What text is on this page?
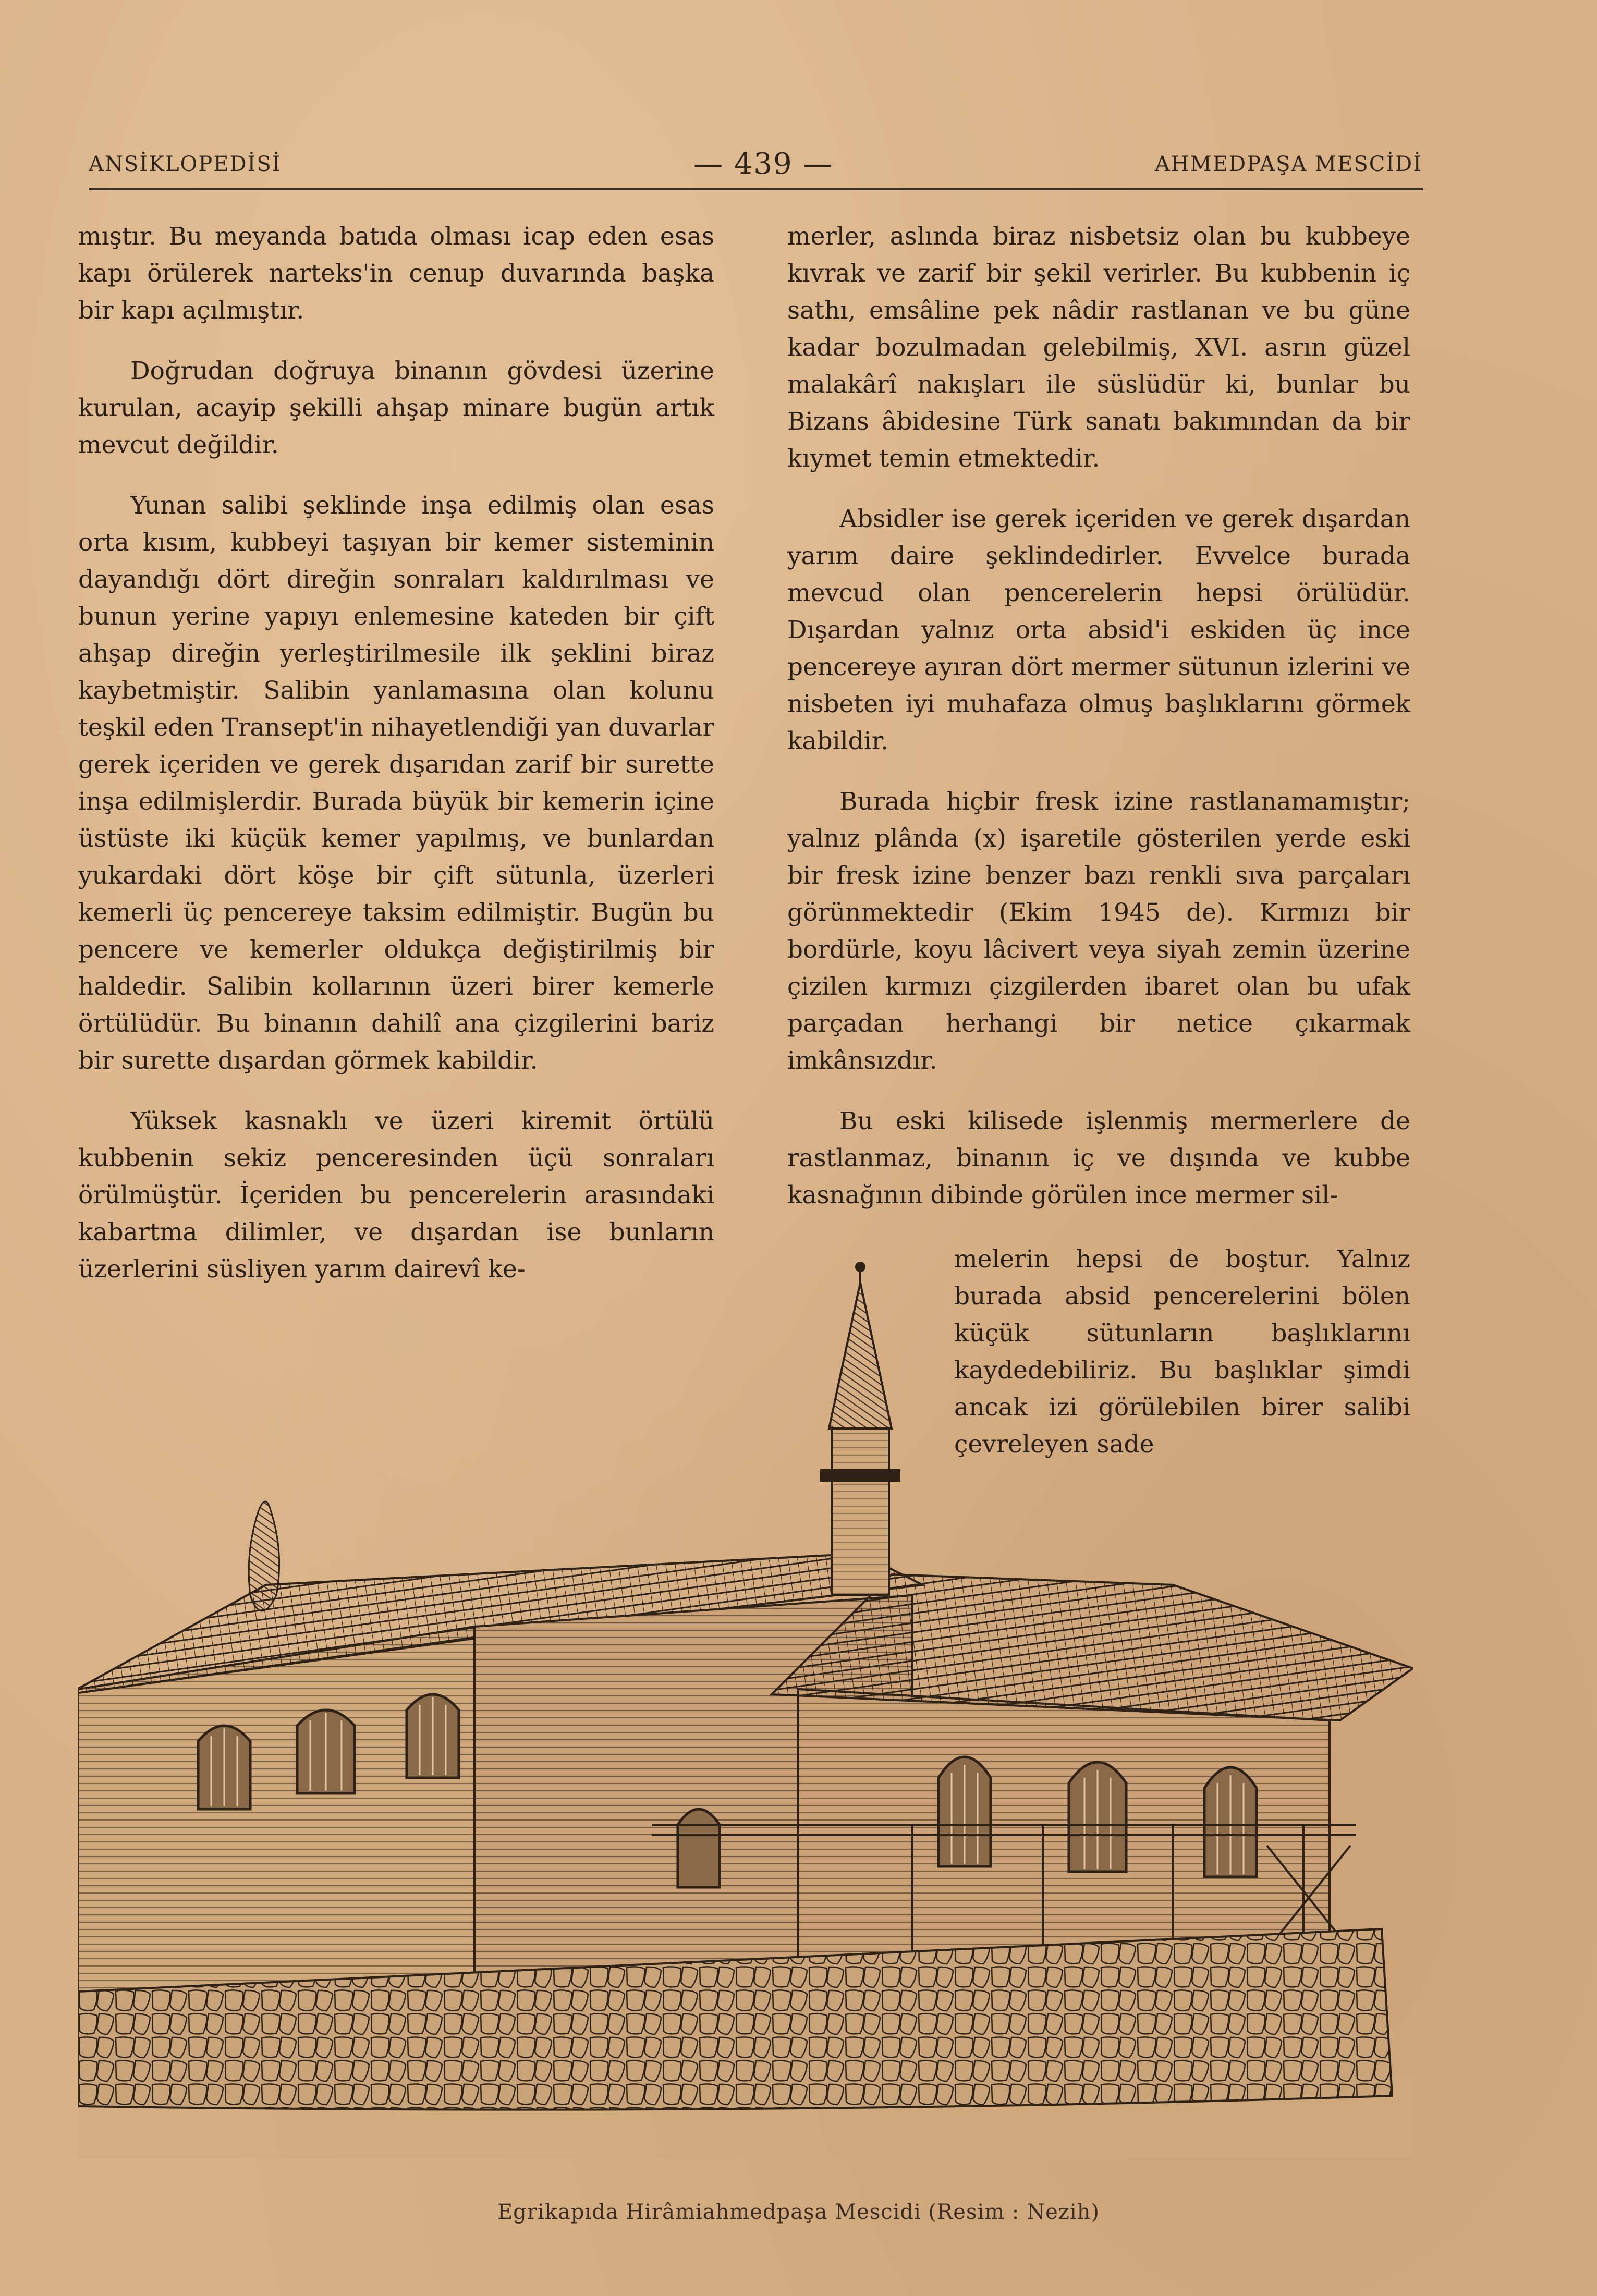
ANSİKLOPEDİSİ	— 439 —	AHMEDPAŞA MESCİDİ

mıştır. Bu meyanda batıda olması icap eden esas kapı örülerek narteks'in cenup duvarında başka bir kapı açılmıştır.

Doğrudan doğruya binanın gövdesi üzerine kurulan, acayip şekilli ahşap minare bugün artık mevcut değildir.

Yunan salibi şeklinde inşa edilmiş olan esas orta kısım, kubbeyi taşıyan bir kemer sisteminin dayandığı dört direğin sonraları kaldırılması ve bunun yerine yapıyı enlemesine kateden bir çift ahşap direğin yerleştirilmesile ilk şeklini biraz kaybetmiştir. Salibin yanlamasına olan kolunu teşkil eden Transept'in nihayetlendiği yan duvarlar gerek içeriden ve gerek dışarıdan zarif bir surette inşa edilmişlerdir. Burada büyük bir kemerin içine üstüste iki küçük kemer yapılmış, ve bunlardan yukardaki dört köşe bir çift sütunla, üzerleri kemerli üç pencereye taksim edilmiştir. Bugün bu pencere ve kemerler oldukça değiştirilmiş bir haldedir. Salibin kollarının üzeri birer kemerle örtülüdür. Bu binanın dahilî ana çizgilerini bariz bir surette dışardan görmek kabildir.

Yüksek kasnaklı ve üzeri kiremit örtülü kubbenin sekiz penceresinden üçü sonraları örülmüştür. İçeriden bu pencerelerin arasındaki kabartma dilimler, ve dışardan ise bunların üzerlerini süsliyen yarım dairevî ke-

merler, aslında biraz nisbetsiz olan bu kubbeye kıvrak ve zarif bir şekil verirler. Bu kubbenin iç sathı, emsâline pek nâdir rastlanan ve bu güne kadar bozulmadan gelebilmiş, XVI. asrın güzel malakârî nakışları ile süslüdür ki, bunlar bu Bizans âbidesine Türk sanatı bakımından da bir kıymet temin etmektedir.

Absidler ise gerek içeriden ve gerek dışardan yarım daire şeklindedirler. Evvelce burada mevcud olan pencerelerin hepsi örülüdür. Dışardan yalnız orta absid'i eskiden üç ince pencereye ayıran dört mermer sütunun izlerini ve nisbeten iyi muhafaza olmuş başlıklarını görmek kabildir.

Burada hiçbir fresk izine rastlanamamıştır; yalnız plânda (x) işaretile gösterilen yerde eski bir fresk izine benzer bazı renkli sıva parçaları görünmektedir (Ekim 1945 de). Kırmızı bir bordürle, koyu lâcivert veya siyah zemin üzerine çizilen kırmızı çizgilerden ibaret olan bu ufak parçadan herhangi bir netice çıkarmak imkânsızdır.

Bu eski kilisede işlenmiş mermerlere de rastlanmaz, binanın iç ve dışında ve kubbe kasnağının dibinde görülen ince mermer sil-

melerin hepsi de boştur. Yalnız burada absid pencerelerini bölen küçük sütunların başlıklarını kaydedebiliriz. Bu başlıklar şimdi ancak izi görülebilen birer salibi çevreleyen sade

Egrikapıda Hirâmiahmedpaşa Mescidi (Resim : Nezih)
